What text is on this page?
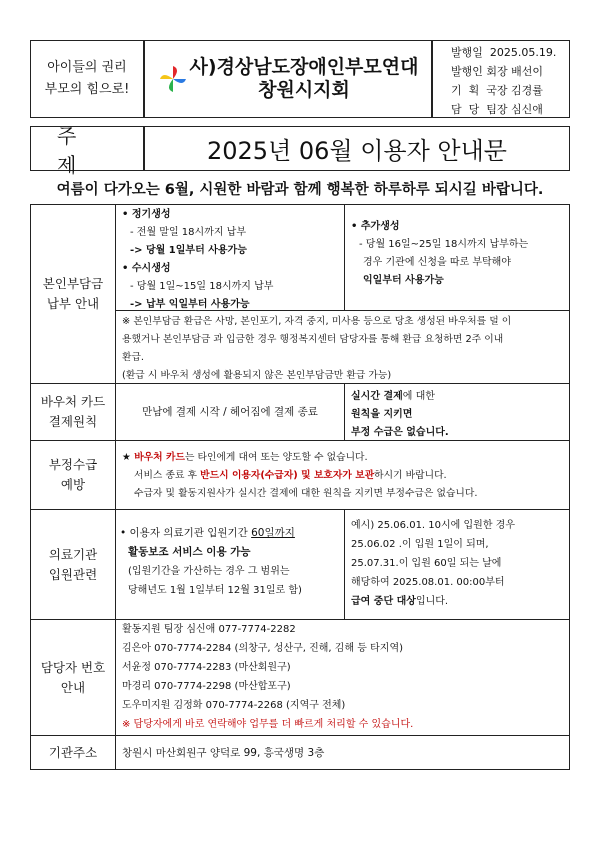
아이들의 권리
부모의 힘으로!
사)경상남도장애인부모연대
창원시지회
발행일  2025.05.19.
발행인 회장 배선이
기  획  국장 김경률
담  당  팀장 심신애
주 제	2025년 06월 이용자 안내문
여름이 다가오는 6월, 시원한 바람과 함께 행복한 하루하루 되시길 바랍니다.
본인부담금
납부 안내

• 정기생성

- 전월 말일 18시까지 납부

-> 당월 1일부터 사용가능

• 수시생성

- 당월 1일~15일 18시까지 납부

-> 납부 익일부터 사용가능

• 추가생성

- 당월 16일~25일 18시까지 납부하는

경우 기관에 신청을 따로 부탁해야

익일부터 사용가능

※ 본인부담금 환급은 사망, 본인포기, 자격 중지, 미사용 등으로 당초 생성된 바우처를 덜 이

용했거나 본인부담금 과 입금한 경우 행정복지센터 담당자를 통해 환급 요청하면 2주 이내

환급.

(환급 시 바우처 생성에 활용되지 않은 본인부담금만 환급 가능)

바우처 카드
결제원칙
만남에 결제 시작 / 헤어짐에 결제 종료

실시간 결제에 대한

원칙을 지키면

부정 수급은 없습니다.

부정수급
예방

★ 바우처 카드는 타인에게 대여 또는 양도할 수 없습니다.

서비스 종료 후 반드시 이용자(수급자) 및 보호자가 보관하시기 바랍니다.

수급자 및 활동지원사가 실시간 결제에 대한 원칙을 지키면 부정수급은 없습니다.

의료기관
입원관련

• 이용자 의료기관 입원기간 60일까지

활동보조 서비스 이용 가능

(입원기간을 가산하는 경우 그 범위는

당해년도 1월 1일부터 12월 31일로 함)

예시) 25.06.01. 10시에 입원한 경우

25.06.02 .이 입원 1일이 되며,

25.07.31.이 입원 60일 되는 날에

해당하여 2025.08.01. 00:00부터

급여 중단 대상입니다.

담당자 번호
안내

활동지원 팀장 심신애 077-7774-2282

김은아 070-7774-2284 (의창구, 성산구, 진해, 김해 등 타지역)

서윤정 070-7774-2283 (마산회원구)

마경리 070-7774-2298 (마산합포구)

도우미지원 김정화 070-7774-2268 (지역구 전체)

※ 담당자에게 바로 연락해야 업무를 더 빠르게 처리할 수 있습니다.

기관주소	창원시 마산회원구 양덕로 99, 흥국생명 3층
